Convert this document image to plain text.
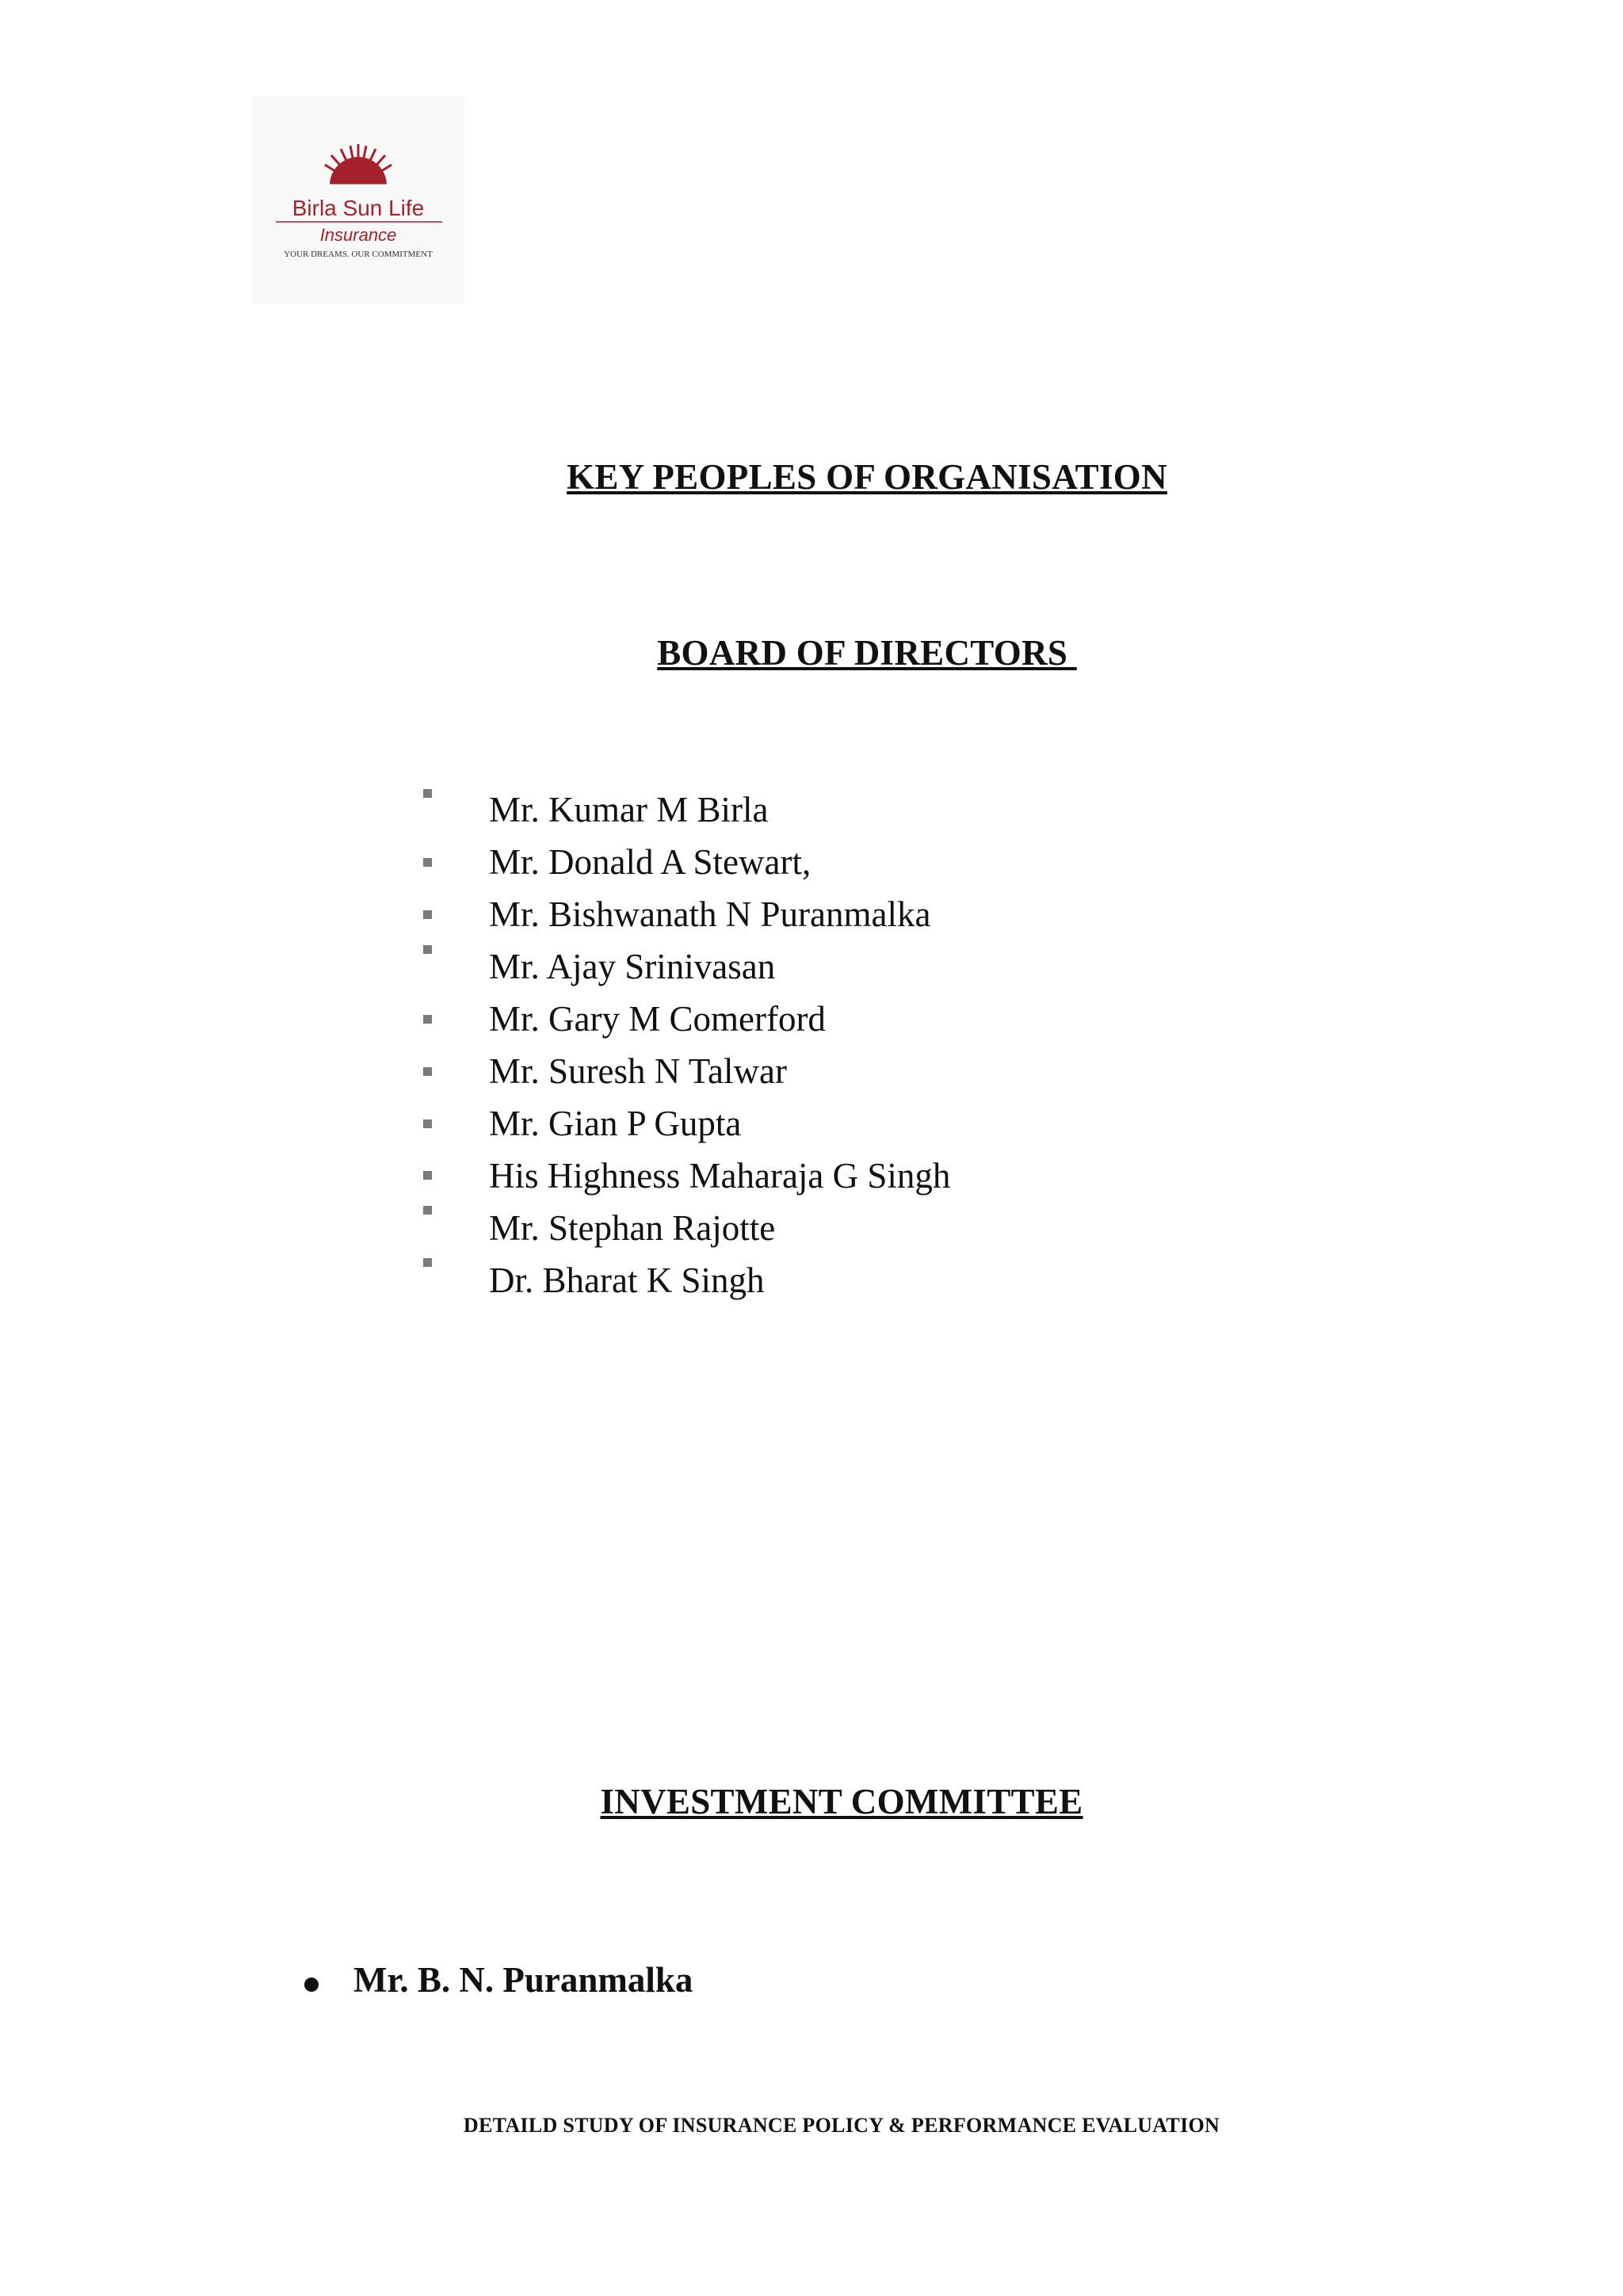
Birla Sun Life
Insurance
YOUR DREAMS. OUR COMMITMENT
KEY PEOPLES OF ORGANISATION
BOARD OF DIRECTORS
Mr. Kumar M Birla
Mr. Donald A Stewart,
Mr. Bishwanath N Puranmalka
Mr. Ajay Srinivasan
Mr. Gary M Comerford
Mr. Suresh N Talwar
Mr. Gian P Gupta
His Highness Maharaja G Singh
Mr. Stephan Rajotte
Dr. Bharat K Singh
INVESTMENT COMMITTEE
Mr. B. N. Puranmalka
DETAILD STUDY OF INSURANCE POLICY & PERFORMANCE EVALUATION
